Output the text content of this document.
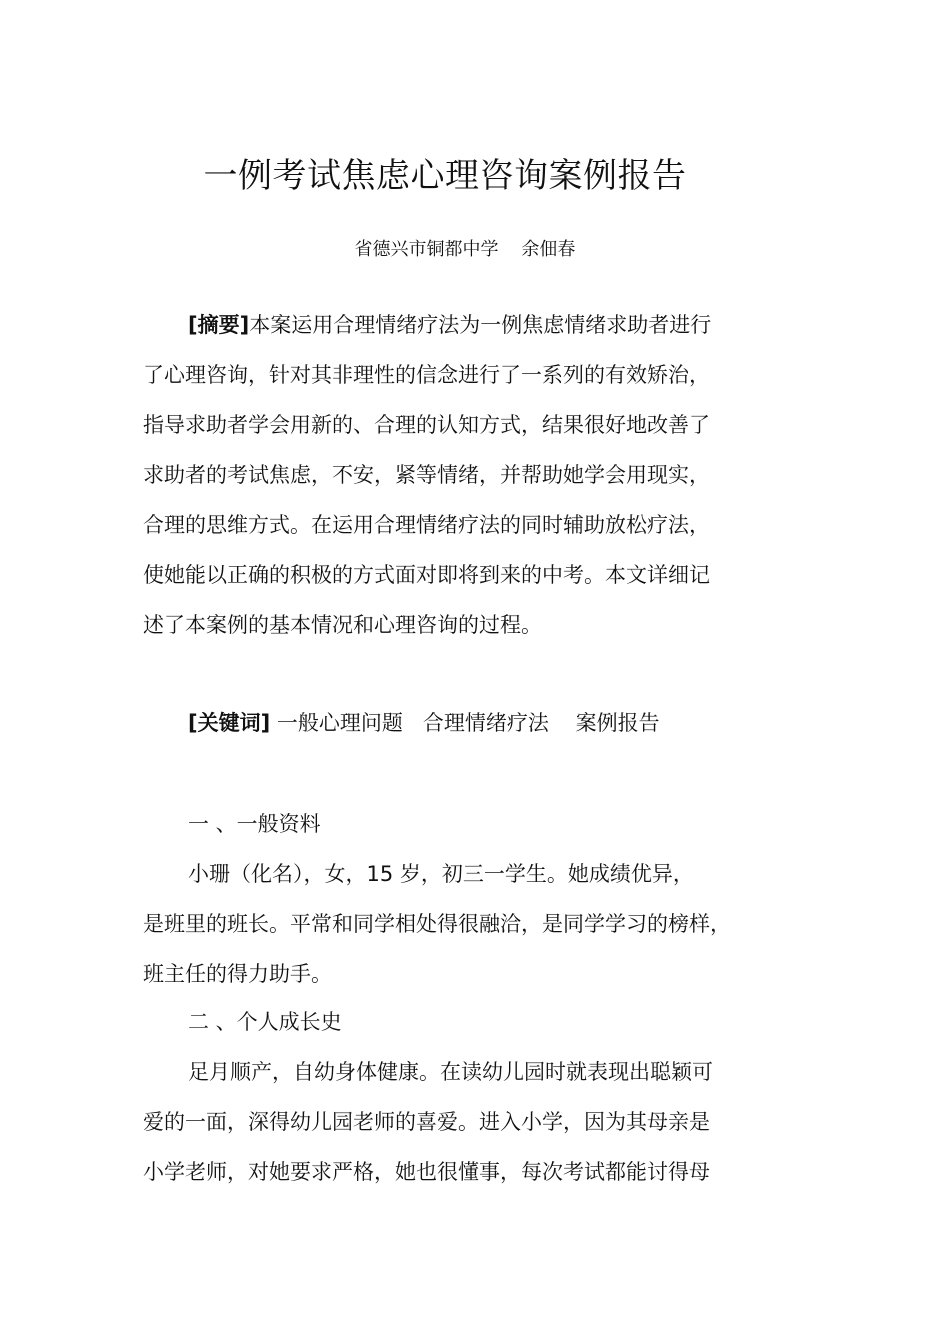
一例考试焦虑心理咨询案例报告
省德兴市铜都中学    余佃春
[摘要]本案运用合理情绪疗法为一例焦虑情绪求助者进行
了心理咨询，针对其非理性的信念进行了一系列的有效矫治，
指导求助者学会用新的、合理的认知方式，结果很好地改善了
求助者的考试焦虑，不安，紧等情绪，并帮助她学会用现实，
合理的思维方式。在运用合理情绪疗法的同时辅助放松疗法，
使她能以正确的积极的方式面对即将到来的中考。本文详细记
述了本案例的基本情况和心理咨询的过程。
[关键词] 一般心理问题   合理情绪疗法    案例报告
一 、一般资料
小珊（化名），女，15 岁，初三一学生。她成绩优异，
是班里的班长。平常和同学相处得很融洽，是同学学习的榜样，
班主任的得力助手。
二 、个人成长史
足月顺产，自幼身体健康。在读幼儿园时就表现出聪颖可
爱的一面，深得幼儿园老师的喜爱。进入小学，因为其母亲是
小学老师，对她要求严格，她也很懂事，每次考试都能讨得母
